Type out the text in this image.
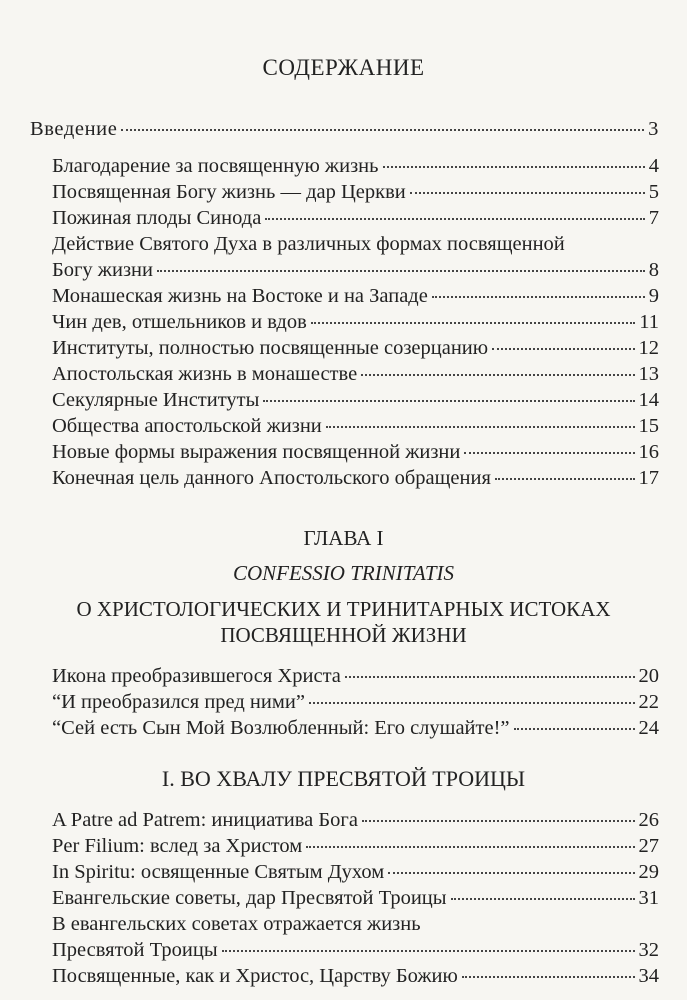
СОДЕРЖАНИЕ
Введение	3
Благодарение за посвященную жизнь	4
Посвященная Богу жизнь — дар Церкви	5
Пожиная плоды Синода	7
Действие Святого Духа в различных формах посвященной
Богу жизни	8
Монашеская жизнь на Востоке и на Западе	9
Чин дев, отшельников и вдов	11
Институты, полностью посвященные созерцанию	12
Апостольская жизнь в монашестве	13
Секулярные Институты	14
Общества апостольской жизни	15
Новые формы выражения посвященной жизни	16
Конечная цель данного Апостольского обращения	17
ГЛАВА I
CONFESSIO TRINITATIS
О ХРИСТОЛОГИЧЕСКИХ И ТРИНИТАРНЫХ ИСТОКАХ
ПОСВЯЩЕННОЙ ЖИЗНИ
Икона преобразившегося Христа	20
“И преобразился пред ними”	22
“Сей есть Сын Мой Возлюбленный: Его слушайте!”	24
I. ВО ХВАЛУ ПРЕСВЯТОЙ ТРОИЦЫ
A Patre ad Patrem: инициатива Бога	26
Per Filium: вслед за Христом	27
In Spiritu: освященные Святым Духом	29
Евангельские советы, дар Пресвятой Троицы	31
В евангельских советах отражается жизнь
Пресвятой Троицы	32
Посвященные, как и Христос, Царству Божию	34
